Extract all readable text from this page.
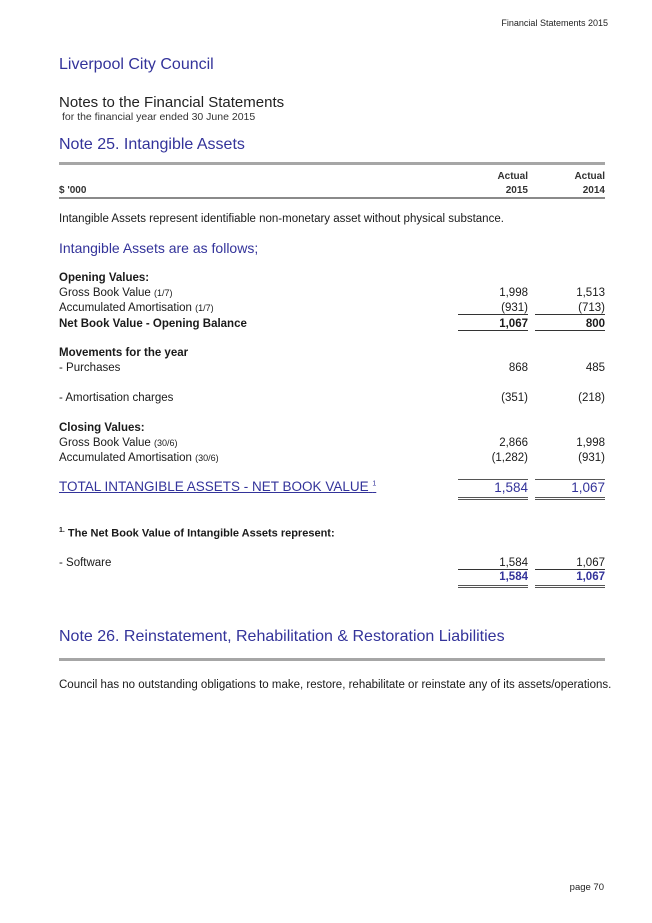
Financial Statements 2015
Liverpool City Council
Notes to the Financial Statements
for the financial year ended 30 June 2015
Note 25. Intangible Assets
Actual	Actual
$ '000	2015	2014
Intangible Assets represent identifiable non-monetary asset without physical substance.
Intangible Assets are as follows;
Opening Values:
Gross Book Value (1/7)	1,998	1,513
Accumulated Amortisation (1/7)	(931)	(713)
Net Book Value - Opening Balance	1,067	800
Movements for the year
- Purchases	868	485
- Amortisation charges	(351)	(218)
Closing Values:
Gross Book Value (30/6)	2,866	1,998
Accumulated Amortisation (30/6)	(1,282)	(931)
TOTAL INTANGIBLE ASSETS - NET BOOK VALUE $^1$	1,584	1,067
$^{1.}$ The Net Book Value of Intangible Assets represent:
- Software	1,584	1,067
1,584	1,067
Note 26. Reinstatement, Rehabilitation & Restoration Liabilities
Council has no outstanding obligations to make, restore, rehabilitate or reinstate any of its assets/operations.
page 70
